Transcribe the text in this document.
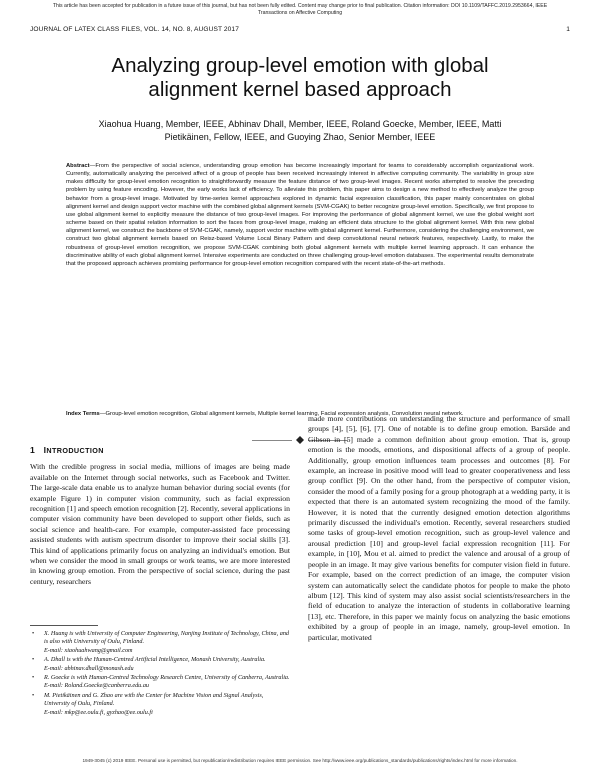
This article has been accepted for publication in a future issue of this journal, but has not been fully edited. Content may change prior to final publication. Citation information: DOI 10.1109/TAFFC.2019.2953664, IEEE
Transactions on Affective Computing
JOURNAL OF LATEX CLASS FILES, VOL. 14, NO. 8, AUGUST 2017	1
Analyzing group-level emotion with global
alignment kernel based approach
Xiaohua Huang, Member, IEEE, Abhinav Dhall, Member, IEEE, Roland Goecke, Member, IEEE, Matti
Pietikäinen, Fellow, IEEE, and Guoying Zhao, Senior Member, IEEE

Abstract—From the perspective of social science, understanding group emotion has become increasingly important for teams to considerably accomplish organizational work. Currently, automatically analyzing the perceived affect of a group of people has been received increasingly interest in affective computing community. The variability in group size makes difficulty for group-level emotion recognition to straightforwardly measure the feature distance of two group-level images. Recent works attempted to resolve the preceding problem by using feature encoding. However, the early works lack of efficiency. To alleviate this problem, this paper aims to design a new method to effectively analyze the group behavior from a group-level image. Motivated by time-series kernel approaches explored in dynamic facial expression classification, this paper mainly concentrates on global alignment kernel and design support vector machine with the combined global alignment kernels (SVM-CGAK) to better recognize group-level emotion. Specifically, we first propose to use global alignment kernel to explicitly measure the distance of two group-level images. For improving the performance of global alignment kernel, we use the global weight sort scheme based on their spatial relation information to sort the faces from group-level image, making an efficient data structure to the global alignment kernel. With this new global alignment kernel, we construct the backbone of SVM-CGAK, namely, support vector machine with global alignment kernel. Furthermore, considering the challenging environment, we construct two global alignment kernels based on Reisz-based Volume Local Binary Pattern and deep convolutional neural network features, respectively. Lastly, to make the robustness of group-level emotion recognition, we propose SVM-CGAK combining both global alignment kernels with multiple kernel learning approach. It can enhance the discriminative ability of each global alignment kernel. Intensive experiments are conducted on three challenging group-level emotion databases. The experimental results demonstrate that the proposed approach achieves promising performance for group-level emotion recognition compared with the recent state-of-the-art methods.

Index Terms—Group-level emotion recognition, Global alignment kernels, Multiple kernel learning, Facial expression analysis, Convolution neural network.

1 INTRODUCTION

With the credible progress in social media, millions of images are being made available on the Internet through social networks, such as Facebook and Twitter. The large-scale data enable us to analyze human behavior during social events (for example Figure 1) in computer vision community, such as facial expression recognition [1] and speech emotion recognition [2]. Recently, several applications in computer vision community have been developed to support other fields, such as social science and health-care. For example, computer-assisted face processing assisted students with autism spectrum disorder to improve their social skills [3]. This kind of applications primarily focus on analyzing an individual's emotion. But when we consider the mood in small groups or work teams, we are more interested in knowing group emotion. From the perspective of social science, during the past century, researchers

made more contributions on understanding the structure and performance of small groups [4], [5], [6], [7]. One of notable is to define group emotion. Barsäde and Gibson in [5] made a common definition about group emotion. That is, group emotion is the moods, emotions, and dispositional affects of a group of people. Additionally, group emotion influences team processes and outcomes [8]. For example, an increase in positive mood will lead to greater cooperativeness and less group conflict [9]. On the other hand, from the perspective of computer vision, consider the mood of a family posing for a group photograph at a wedding party, it is expected that there is an automated system recognizing the mood of the family. However, it is noted that the currently designed emotion detection algorithms primarily discussed the individual's emotion. Recently, several researchers studied some tasks of group-level emotion recognition, such as group-level valence and arousal prediction [10] and group-level facial expression recognition [11]. For example, in [10], Mou et al. aimed to predict the valence and arousal of a group of people in an image. It may give various benefits for computer vision field in future. For example, based on the correct prediction of an image, the computer vision system can automatically select the candidate photos for people to make the photo album [12]. This kind of system may also assist social scientists/researchers in the field of education to analyze the interaction of students in collaborative learning [13], etc. Therefore, in this paper we mainly focus on analyzing the basic emotions exhibited by a group of people in an image, namely, group-level emotion. In particular, motivated

• X. Huang is with University of Computer Engineering, Nanjing Institute of Technology, China, and is also with University of Oulu, Finland.
E-mail: xiaohuahwang@gmail.com
• A. Dhall is with the Human-Centred Artificial Intelligence, Monash University, Australia.
E-mail: abhinav.dhall@monash.edu
• R. Goecke is with Human-Centred Technology Research Centre, University of Canberra, Australia.
E-mail: Roland.Goecke@canberra.edu.au
• M. Pietikäinen and G. Zhao are with the Center for Machine Vision and Signal Analysis, University of Oulu, Finland.
E-mail: mkp@ee.oulu.fi, gyzhao@ee.oulu.fi
1949-3045 (c) 2019 IEEE. Personal use is permitted, but republication/redistribution requires IEEE permission. See http://www.ieee.org/publications_standards/publications/rights/index.html for more information.
